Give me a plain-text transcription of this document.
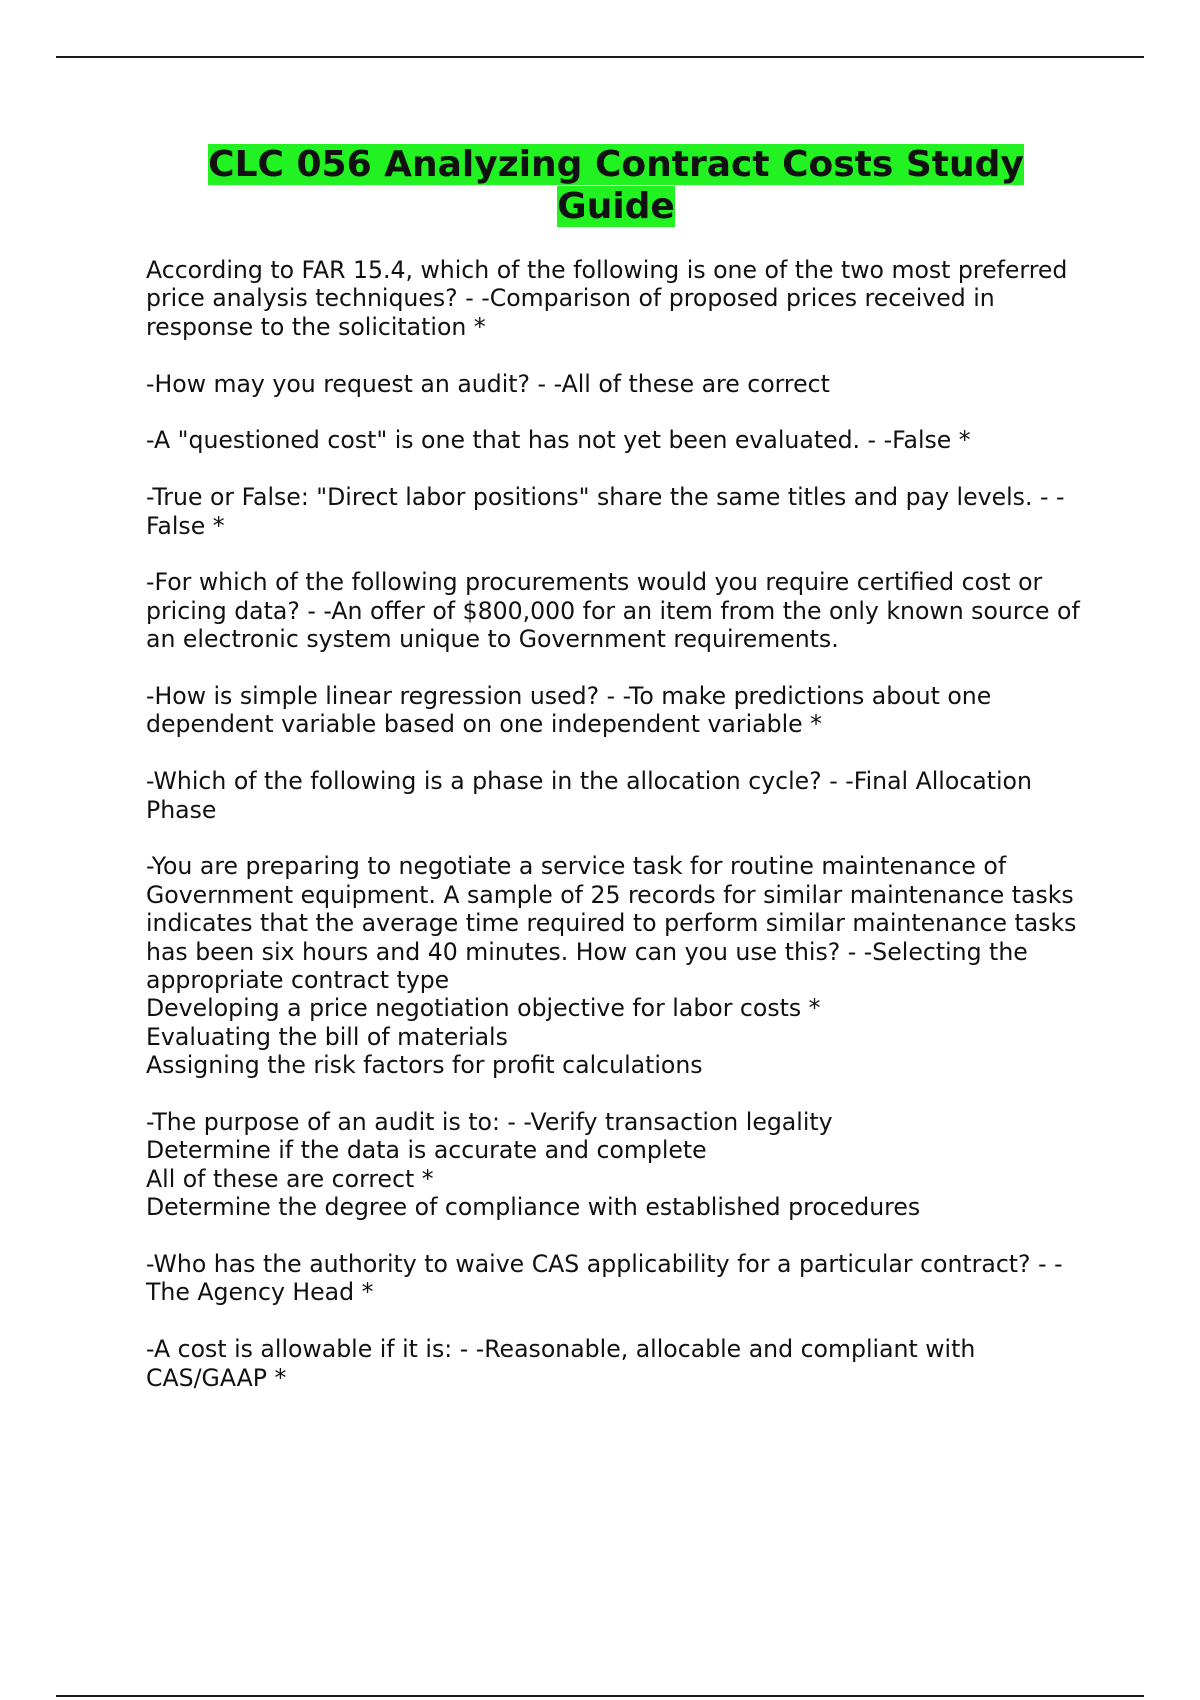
CLC 056 Analyzing Contract Costs Study Guide

According to FAR 15.4, which of the following is one of the two most preferred price analysis techniques? - -Comparison of proposed prices received in response to the solicitation *

-How may you request an audit? - -All of these are correct

-A "questioned cost" is one that has not yet been evaluated. - -False *

-True or False: "Direct labor positions" share the same titles and pay levels. - -False *

-For which of the following procurements would you require certified cost or pricing data? - -An offer of $800,000 for an item from the only known source of an electronic system unique to Government requirements.

-How is simple linear regression used? - -To make predictions about one dependent variable based on one independent variable *

-Which of the following is a phase in the allocation cycle? - -Final Allocation Phase

-You are preparing to negotiate a service task for routine maintenance of Government equipment. A sample of 25 records for similar maintenance tasks indicates that the average time required to perform similar maintenance tasks has been six hours and 40 minutes. How can you use this? - -Selecting the appropriate contract type
Developing a price negotiation objective for labor costs *
Evaluating the bill of materials
Assigning the risk factors for profit calculations

-The purpose of an audit is to: - -Verify transaction legality
Determine if the data is accurate and complete
All of these are correct *
Determine the degree of compliance with established procedures

-Who has the authority to waive CAS applicability for a particular contract? - -The Agency Head *

-A cost is allowable if it is: - -Reasonable, allocable and compliant with CAS/GAAP *
